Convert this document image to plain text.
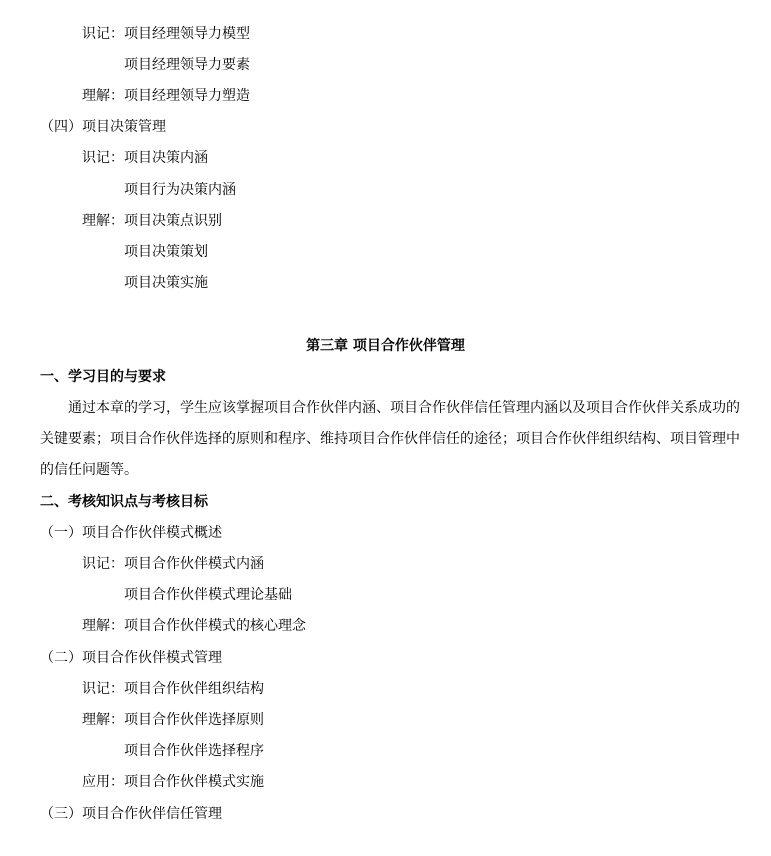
识记：项目经理领导力模型
项目经理领导力要素
理解：项目经理领导力塑造
（四）项目决策管理
识记：项目决策内涵
项目行为决策内涵
理解：项目决策点识别
项目决策策划
项目决策实施
第三章 项目合作伙伴管理
一、学习目的与要求
　　通过本章的学习，学生应该掌握项目合作伙伴内涵、项目合作伙伴信任管理内涵以及项目合作伙伴关系成功的
关键要素；项目合作伙伴选择的原则和程序、维持项目合作伙伴信任的途径；项目合作伙伴组织结构、项目管理中
的信任问题等。
二、考核知识点与考核目标
（一）项目合作伙伴模式概述
识记：项目合作伙伴模式内涵
项目合作伙伴模式理论基础
理解：项目合作伙伴模式的核心理念
（二）项目合作伙伴模式管理
识记：项目合作伙伴组织结构
理解：项目合作伙伴选择原则
项目合作伙伴选择程序
应用：项目合作伙伴模式实施
（三）项目合作伙伴信任管理
